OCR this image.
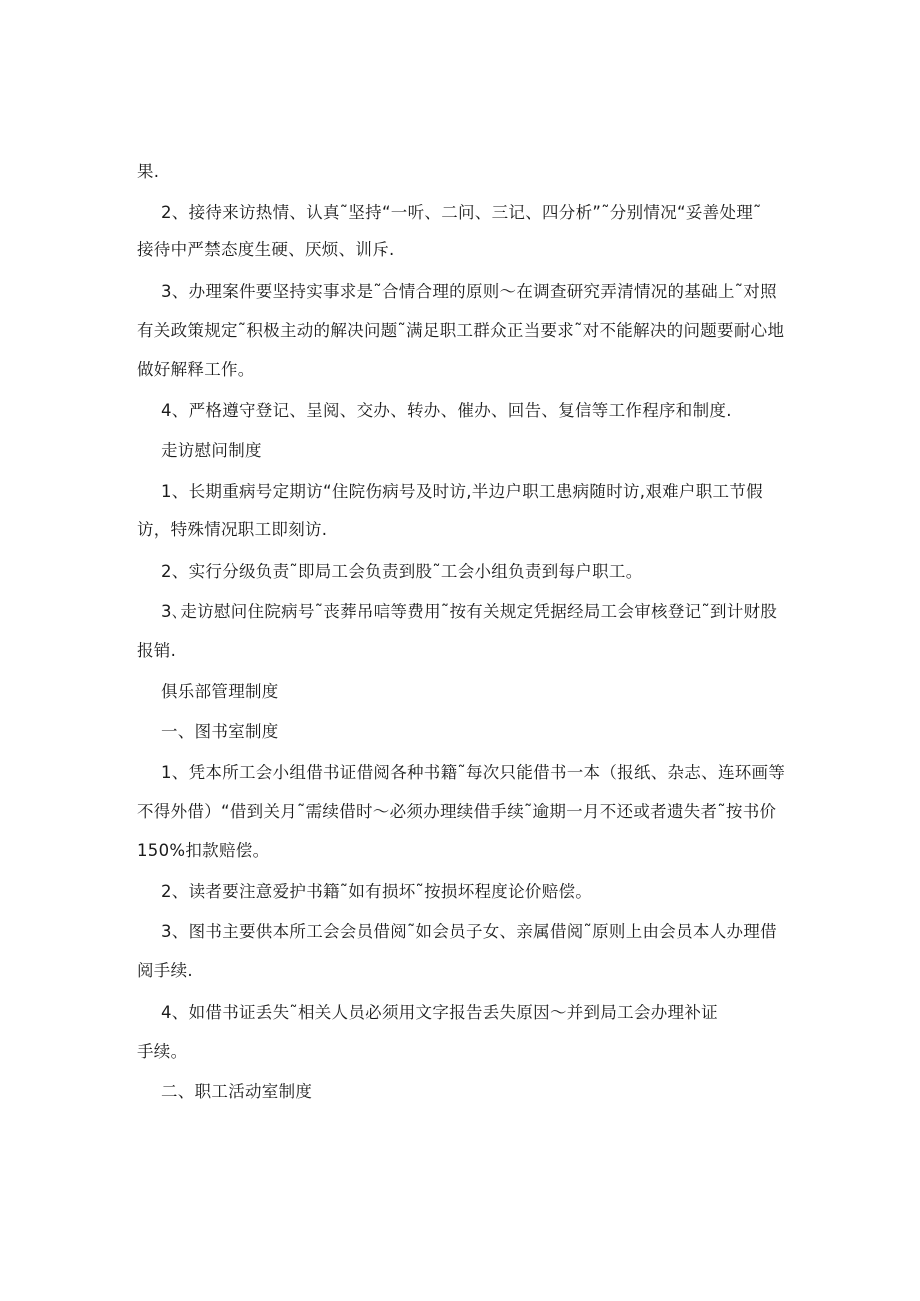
果.
2、接待来访热情、认真˜坚持“一听、二问、三记、四分析”˜分别情况“妥善处理˜
接待中严禁态度生硬、厌烦、训斥.
3、办理案件要坚持实事求是˜合情合理的原则～在调查研究弄清情况的基础上˜对照
有关政策规定˜积极主动的解决问题˜满足职工群众正当要求˜对不能解决的问题要耐心地
做好解释工作。
4、严格遵守登记、呈阅、交办、转办、催办、回告、复信等工作程序和制度.
走访慰问制度
1、长期重病号定期访“住院伤病号及时访,半边户职工患病随时访,艰难户职工节假
访，特殊情况职工即刻访.
2、实行分级负责˜即局工会负责到股˜工会小组负责到每户职工。
3､走访慰问住院病号˜丧葬吊唁等费用˜按有关规定凭据经局工会审核登记˜到计财股
报销.
俱乐部管理制度
一、图书室制度
1、凭本所工会小组借书证借阅各种书籍˜每次只能借书一本（报纸、杂志、连环画等
不得外借）“借到关月˜需续借时～必须办理续借手续˜逾期一月不还或者遗失者˜按书价
150%扣款赔偿。
2、读者要注意爱护书籍˜如有损坏˜按损坏程度论价赔偿。
3、图书主要供本所工会会员借阅˜如会员子女、亲属借阅˜原则上由会员本人办理借
阅手续.
4、如借书证丢失˜相关人员必须用文字报告丢失原因～并到局工会办理补证
手续。
二、职工活动室制度
